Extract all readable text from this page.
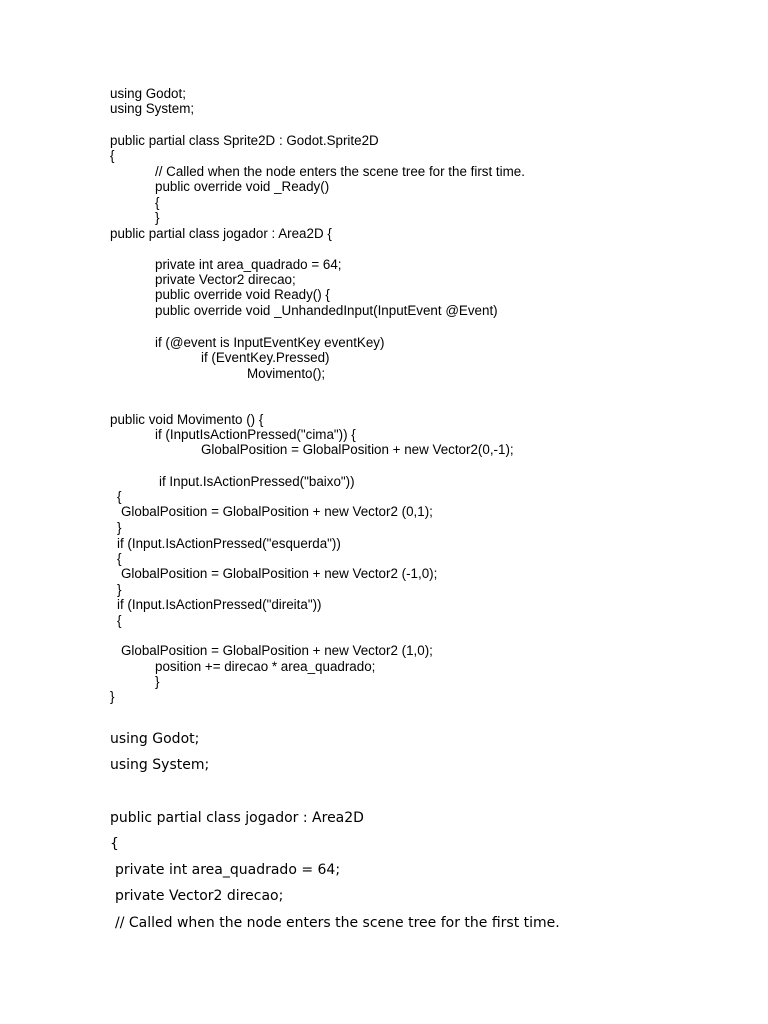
using Godot;
using System;
public partial class Sprite2D : Godot.Sprite2D
{
// Called when the node enters the scene tree for the first time.
public override void _Ready()
{
}
public partial class jogador : Area2D {
private int area_quadrado = 64;
private Vector2 direcao;
public override void Ready() {
public override void _UnhandedInput(InputEvent @Event)
if (@event is InputEventKey eventKey)
if (EventKey.Pressed)
Movimento();
public void Movimento () {
if (InputIsActionPressed("cima")) {
GlobalPosition = GlobalPosition + new Vector2(0,-1);
if Input.IsActionPressed("baixo"))
{
GlobalPosition = GlobalPosition + new Vector2 (0,1);
}
if (Input.IsActionPressed("esquerda"))
{
GlobalPosition = GlobalPosition + new Vector2 (-1,0);
}
if (Input.IsActionPressed("direita"))
{
GlobalPosition = GlobalPosition + new Vector2 (1,0);
position += direcao * area_quadrado;
}
}
using Godot;
using System;
public partial class jogador : Area2D
{
private int area_quadrado = 64;
private Vector2 direcao;
// Called when the node enters the scene tree for the first time.
